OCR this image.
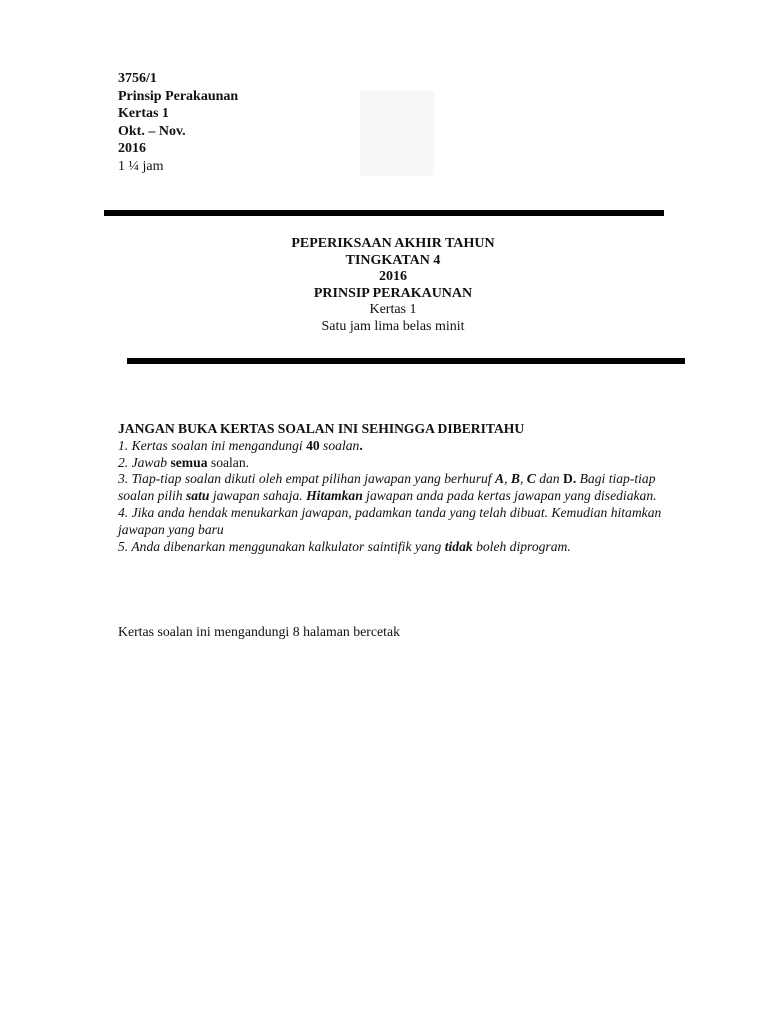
3756/1
Prinsip Perakaunan
Kertas 1
Okt. – Nov.
2016
1 ¼ jam
PEPERIKSAAN AKHIR TAHUN
TINGKATAN 4
2016
PRINSIP PERAKAUNAN
Kertas 1
Satu jam lima belas minit
JANGAN BUKA KERTAS SOALAN INI SEHINGGA DIBERITAHU
1. Kertas soalan ini mengandungi 40 soalan.
2. Jawab semua soalan.
3. Tiap-tiap soalan dikuti oleh empat pilihan jawapan yang berhuruf A, B, C dan D. Bagi tiap-tiap soalan pilih satu jawapan sahaja. Hitamkan jawapan anda pada kertas jawapan yang disediakan.
4. Jika anda hendak menukarkan jawapan, padamkan tanda yang telah dibuat. Kemudian hitamkan jawapan yang baru
5. Anda dibenarkan menggunakan kalkulator saintifik yang tidak boleh diprogram.
Kertas soalan ini mengandungi 8 halaman bercetak
